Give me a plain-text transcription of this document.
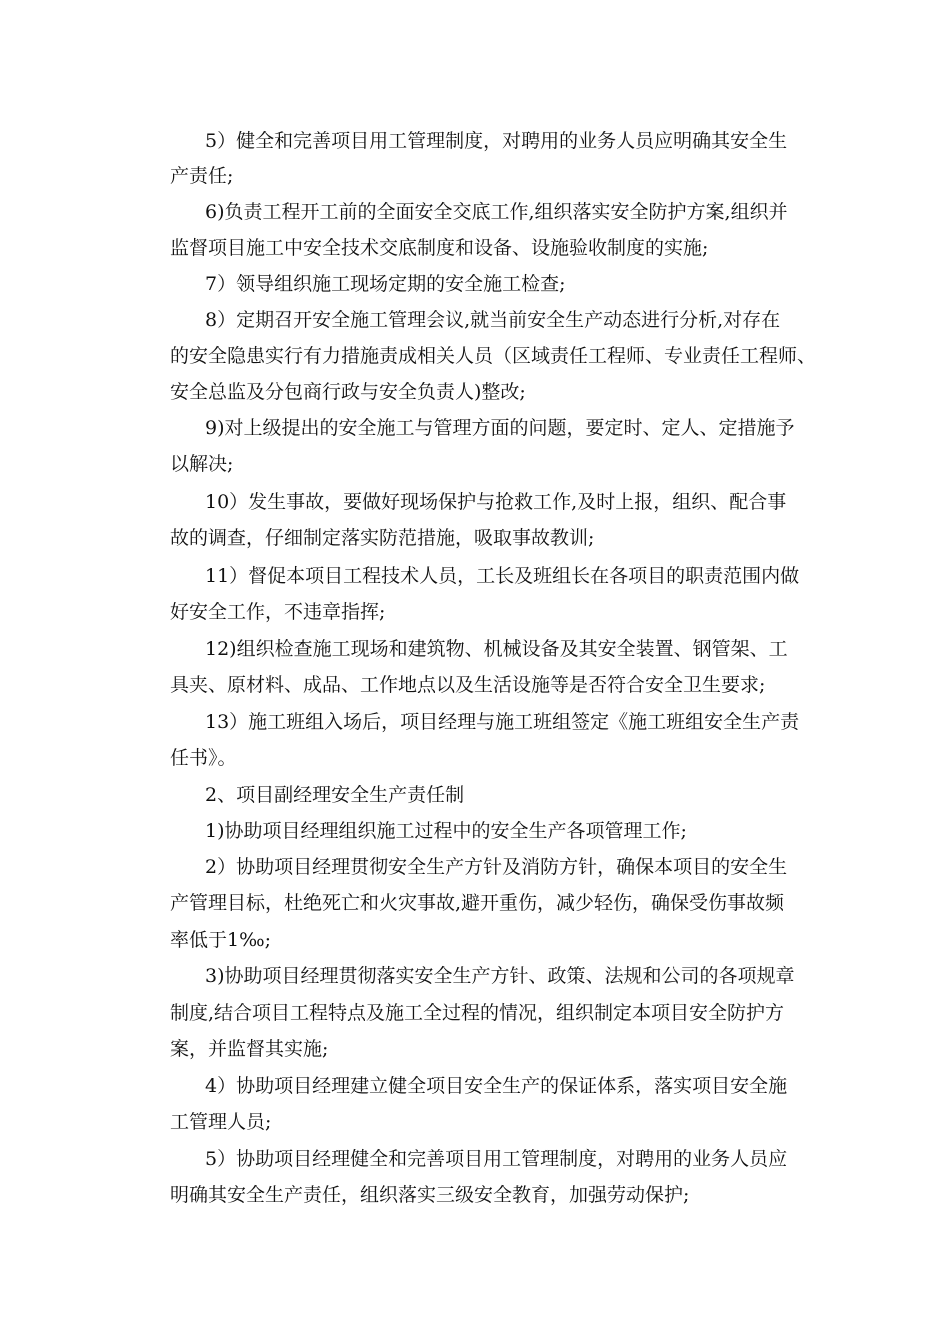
5）健全和完善项目用工管理制度，对聘用的业务人员应明确其安全生
产责任;
6)负责工程开工前的全面安全交底工作,组织落实安全防护方案,组织并
监督项目施工中安全技术交底制度和设备、设施验收制度的实施;
7）领导组织施工现场定期的安全施工检查;
8）定期召开安全施工管理会议,就当前安全生产动态进行分析,对存在
的安全隐患实行有力措施责成相关人员（区域责任工程师、专业责任工程师、
安全总监及分包商行政与安全负责人)整改;
9)对上级提出的安全施工与管理方面的问题，要定时、定人、定措施予
以解决;
10）发生事故，要做好现场保护与抢救工作,及时上报，组织、配合事
故的调查，仔细制定落实防范措施，吸取事故教训;
11）督促本项目工程技术人员，工长及班组长在各项目的职责范围内做
好安全工作，不违章指挥;
12)组织检查施工现场和建筑物、机械设备及其安全装置、钢管架、工
具夹、原材料、成品、工作地点以及生活设施等是否符合安全卫生要求;
13）施工班组入场后，项目经理与施工班组签定《施工班组安全生产责
任书》。
2、项目副经理安全生产责任制
1)协助项目经理组织施工过程中的安全生产各项管理工作;
2）协助项目经理贯彻安全生产方针及消防方针，确保本项目的安全生
产管理目标，杜绝死亡和火灾事故,避开重伤，减少轻伤，确保受伤事故频
率低于1‰;
3)协助项目经理贯彻落实安全生产方针、政策、法规和公司的各项规章
制度,结合项目工程特点及施工全过程的情况，组织制定本项目安全防护方
案，并监督其实施;
4）协助项目经理建立健全项目安全生产的保证体系，落实项目安全施
工管理人员;
5）协助项目经理健全和完善项目用工管理制度，对聘用的业务人员应
明确其安全生产责任，组织落实三级安全教育，加强劳动保护;
